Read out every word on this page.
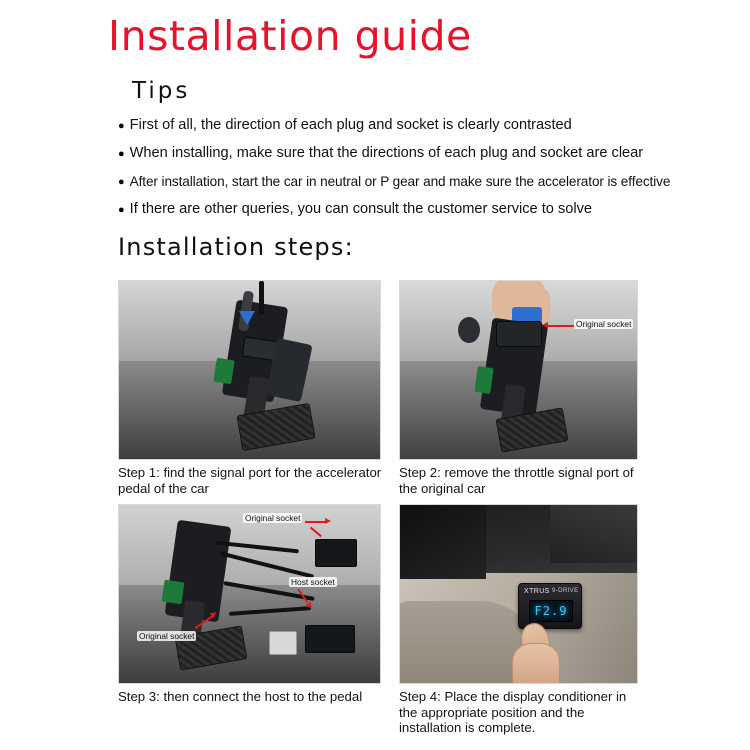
Installation guide
Tips
● First of all, the direction of each plug and socket is clearly contrasted
● When installing, make sure that the directions of each plug and socket are clear
● After installation, start the car in neutral or P gear and make sure the accelerator is effective
● If there are other queries, you can consult the customer service to solve
Installation steps:
Step 1: find the signal port for the accelerator pedal of the car
Original socket
Step 2: remove the throttle signal port of the original car
Original socket
Host socket
Original socket
Step 3: then connect the host to the pedal
XTRUS 9-DRIVE
F2.9
Step 4: Place the display conditioner in the appropriate position and the installation is complete.
